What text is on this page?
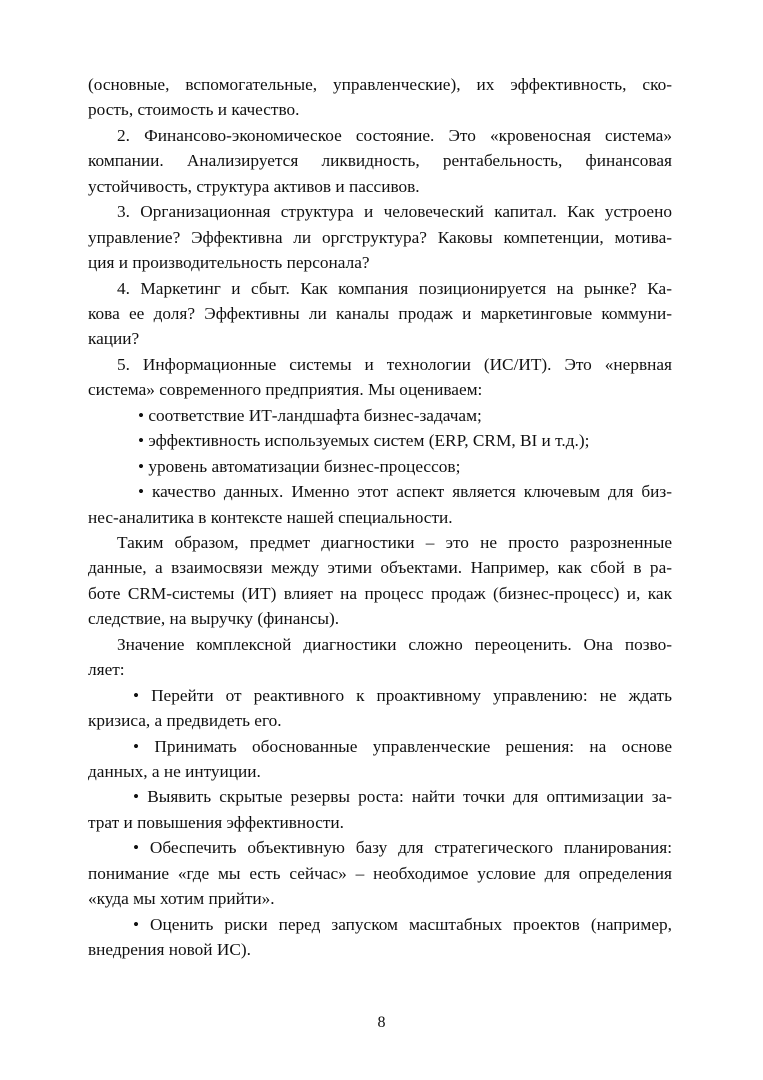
(основные, вспомогательные, управленческие), их эффективность, ско-
рость, стоимость и качество.
2. Финансово-экономическое состояние. Это «кровеносная система»
компании. Анализируется ликвидность, рентабельность, финансовая
устойчивость, структура активов и пассивов.
3. Организационная структура и человеческий капитал. Как устроено
управление? Эффективна ли оргструктура? Каковы компетенции, мотива-
ция и производительность персонала?
4. Маркетинг и сбыт. Как компания позиционируется на рынке? Ка-
кова ее доля? Эффективны ли каналы продаж и маркетинговые коммуни-
кации?
5. Информационные системы и технологии (ИС/ИТ). Это «нервная
система» современного предприятия. Мы оцениваем:
• соответствие ИТ-ландшафта бизнес-задачам;
• эффективность используемых систем (ERP, CRM, BI и т.д.);
• уровень автоматизации бизнес-процессов;
• качество данных. Именно этот аспект является ключевым для биз-
нес-аналитика в контексте нашей специальности.
Таким образом, предмет диагностики – это не просто разрозненные
данные, а взаимосвязи между этими объектами. Например, как сбой в ра-
боте CRM-системы (ИТ) влияет на процесс продаж (бизнес-процесс) и, как
следствие, на выручку (финансы).
Значение комплексной диагностики сложно переоценить. Она позво-
ляет:
• Перейти от реактивного к проактивному управлению: не ждать
кризиса, а предвидеть его.
• Принимать обоснованные управленческие решения: на основе
данных, а не интуиции.
• Выявить скрытые резервы роста: найти точки для оптимизации за-
трат и повышения эффективности.
• Обеспечить объективную базу для стратегического планирования:
понимание «где мы есть сейчас» – необходимое условие для определения
«куда мы хотим прийти».
• Оценить риски перед запуском масштабных проектов (например,
внедрения новой ИС).
8
